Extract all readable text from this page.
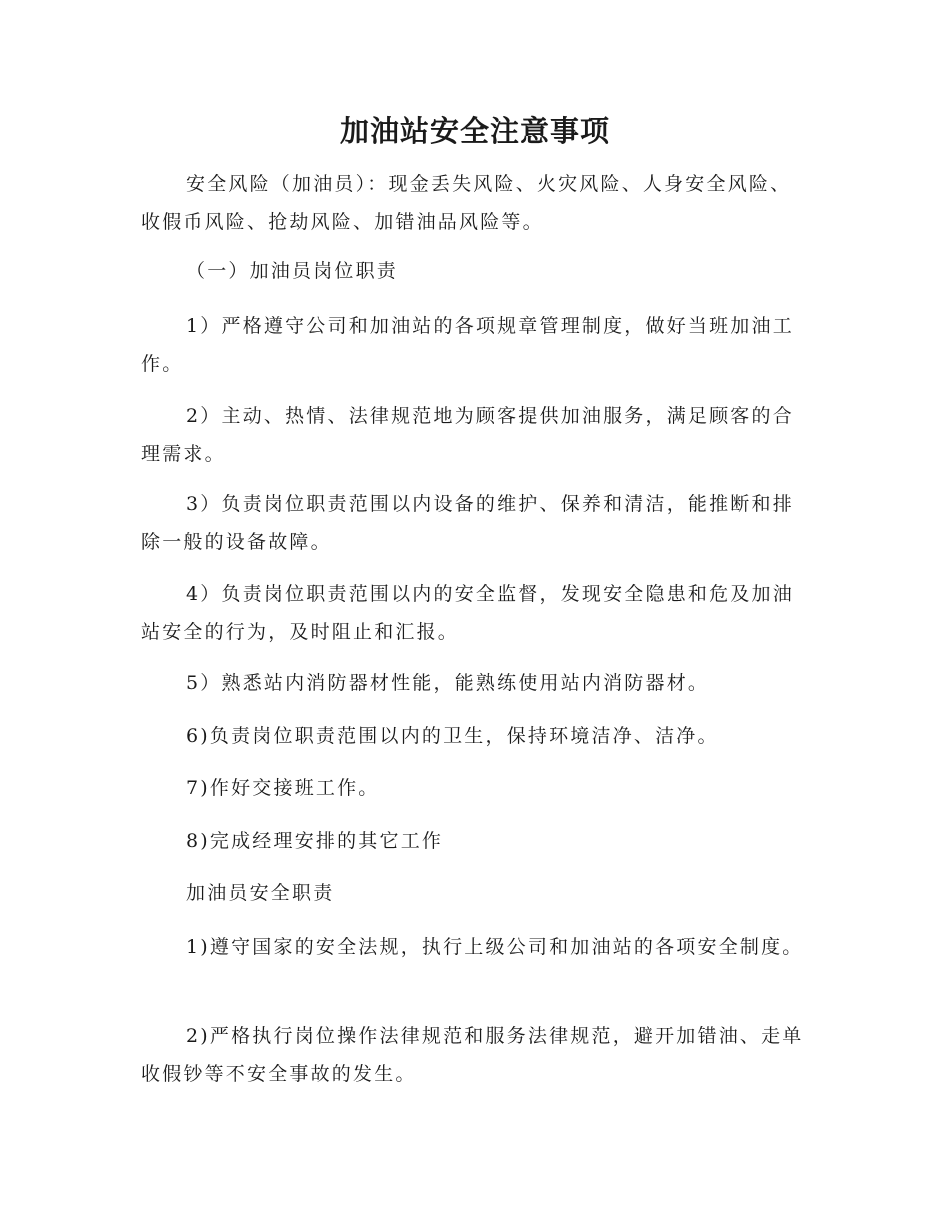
加油站安全注意事项
安全风险（加油员）：现金丢失风险、火灾风险、人身安全风险、收假币风险、抢劫风险、加错油品风险等。
（一）加油员岗位职责
1）严格遵守公司和加油站的各项规章管理制度，做好当班加油工作。
2）主动、热情、法律规范地为顾客提供加油服务，满足顾客的合理需求。
3）负责岗位职责范围以内设备的维护、保养和清洁，能推断和排除一般的设备故障。
4）负责岗位职责范围以内的安全监督，发现安全隐患和危及加油站安全的行为，及时阻止和汇报。
5）熟悉站内消防器材性能，能熟练使用站内消防器材。
6)负责岗位职责范围以内的卫生，保持环境洁净、洁净。
7)作好交接班工作。
8)完成经理安排的其它工作
加油员安全职责
1)遵守国家的安全法规，执行上级公司和加油站的各项安全制度。
2)严格执行岗位操作法律规范和服务法律规范，避开加错油、走单收假钞等不安全事故的发生。
